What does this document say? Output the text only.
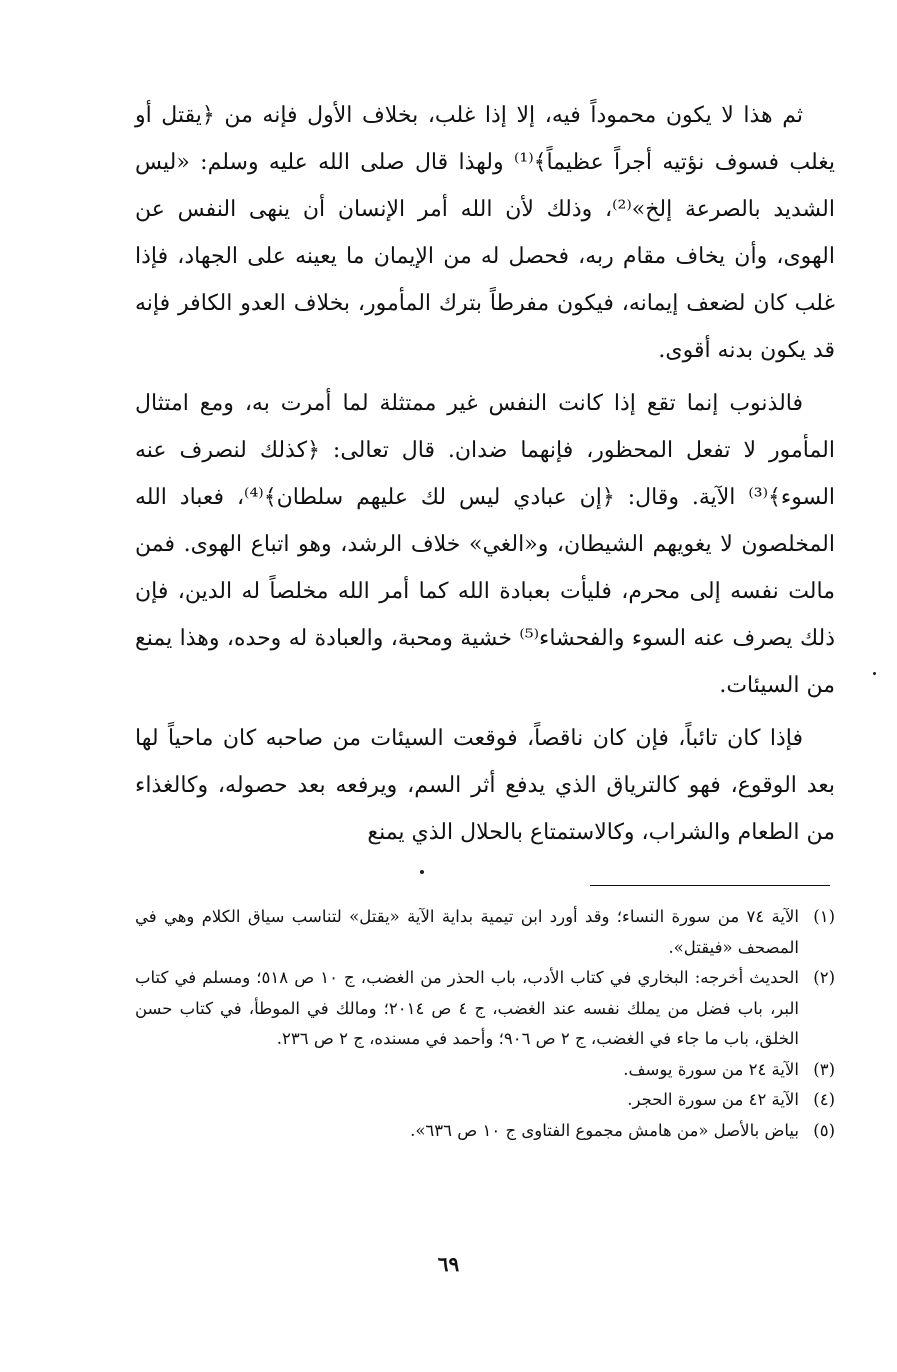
ثم هذا لا يكون محموداً فيه، إلا إذا غلب، بخلاف الأول فإنه من ﴿يقتل أو يغلب فسوف نؤتيه أجراً عظيماً﴾⁽¹⁾ ولهذا قال صلى الله عليه وسلم: «ليس الشديد بالصرعة إلخ»⁽²⁾، وذلك لأن الله أمر الإنسان أن ينهى النفس عن الهوى، وأن يخاف مقام ربه، فحصل له من الإيمان ما يعينه على الجهاد، فإذا غلب كان لضعف إيمانه، فيكون مفرطاً بترك المأمور، بخلاف العدو الكافر فإنه قد يكون بدنه أقوى.

فالذنوب إنما تقع إذا كانت النفس غير ممتثلة لما أمرت به، ومع امتثال المأمور لا تفعل المحظور، فإنهما ضدان. قال تعالى: ﴿كذلك لنصرف عنه السوء﴾⁽³⁾ الآية. وقال: ﴿إن عبادي ليس لك عليهم سلطان﴾⁽⁴⁾، فعباد الله المخلصون لا يغويهم الشيطان، و«الغي» خلاف الرشد، وهو اتباع الهوى. فمن مالت نفسه إلى محرم، فليأت بعبادة الله كما أمر الله مخلصاً له الدين، فإن ذلك يصرف عنه السوء والفحشاء⁽⁵⁾ خشية ومحبة، والعبادة له وحده، وهذا يمنع من السيئات.

فإذا كان تائباً، فإن كان ناقصاً، فوقعت السيئات من صاحبه كان ماحياً لها بعد الوقوع، فهو كالترياق الذي يدفع أثر السم، ويرفعه بعد حصوله، وكالغذاء من الطعام والشراب، وكالاستمتاع بالحلال الذي يمنع

(١)
الآية ٧٤ من سورة النساء؛ وقد أورد ابن تيمية بداية الآية «يقتل» لتناسب سياق الكلام وهي في المصحف «فيقتل».
(٢)
الحديث أخرجه: البخاري في كتاب الأدب، باب الحذر من الغضب، ج ١٠ ص ٥١٨؛ ومسلم في كتاب البر، باب فضل من يملك نفسه عند الغضب، ج ٤ ص ٢٠١٤؛ ومالك في الموطأ، في كتاب حسن الخلق، باب ما جاء في الغضب، ج ٢ ص ٩٠٦؛ وأحمد في مسنده، ج ٢ ص ٢٣٦.
(٣)
الآية ٢٤ من سورة يوسف.
(٤)
الآية ٤٢ من سورة الحجر.
(٥)
بياض بالأصل «من هامش مجموع الفتاوى ج ١٠ ص ٦٣٦».
٦٩
